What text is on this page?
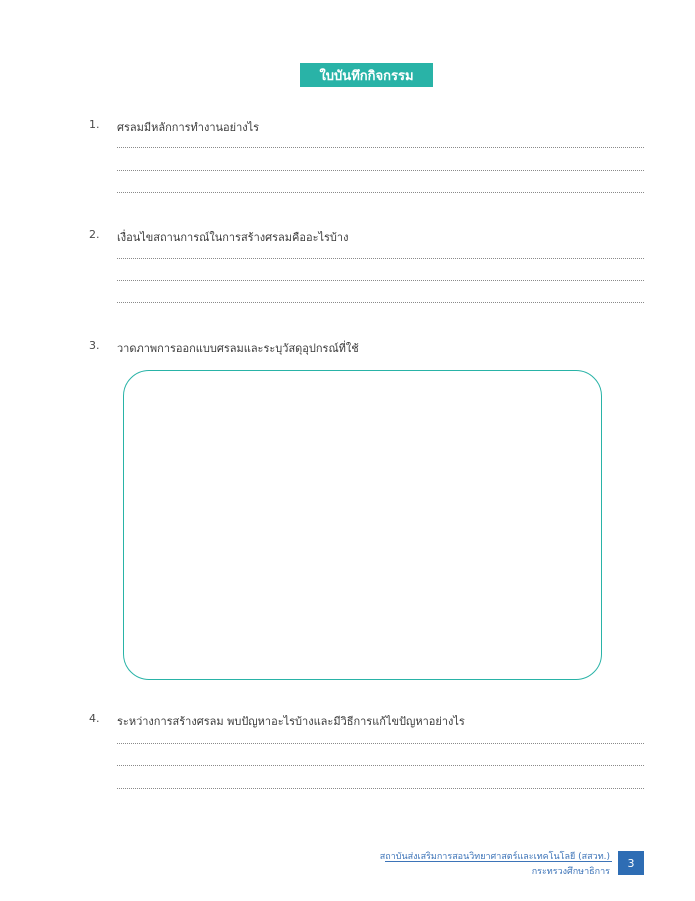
ใบบันทึกกิจกรรม
1. ศรลมมีหลักการทำงานอย่างไร
2. เงื่อนไขสถานการณ์ในการสร้างศรลมคืออะไรบ้าง
3. วาดภาพการออกแบบศรลมและระบุวัสดุอุปกรณ์ที่ใช้
4. ระหว่างการสร้างศรลม พบปัญหาอะไรบ้างและมีวิธีการแก้ไขปัญหาอย่างไร
สถาบันส่งเสริมการสอนวิทยาศาสตร์และเทคโนโลยี (สสวท.)
กระทรวงศึกษาธิการ
3
